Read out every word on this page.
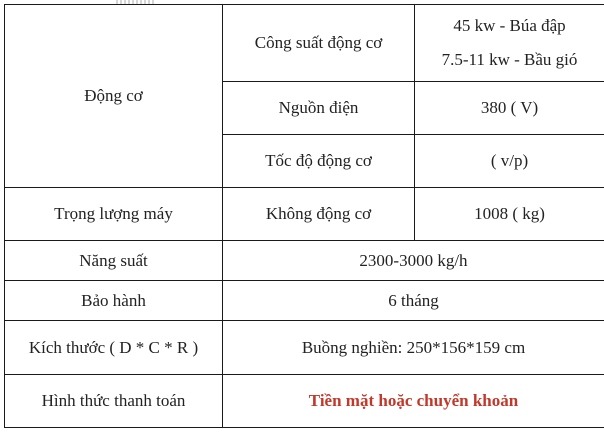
Động cơ	Công suất động cơ	45 kw - Búa đập
7.5-11 kw - Bầu gió

	Nguồn điện	380 ( V)
	Tốc độ động cơ	( v/p)
Trọng lượng máy	Không động cơ	1008 ( kg)
Năng suất	2300-3000 kg/h	
Bảo hành	6 tháng	
Kích thước ( D * C * R )	Buồng nghiền: 250*156*159 cm	
Hình thức thanh toán	Tiền mặt hoặc chuyển khoản	
